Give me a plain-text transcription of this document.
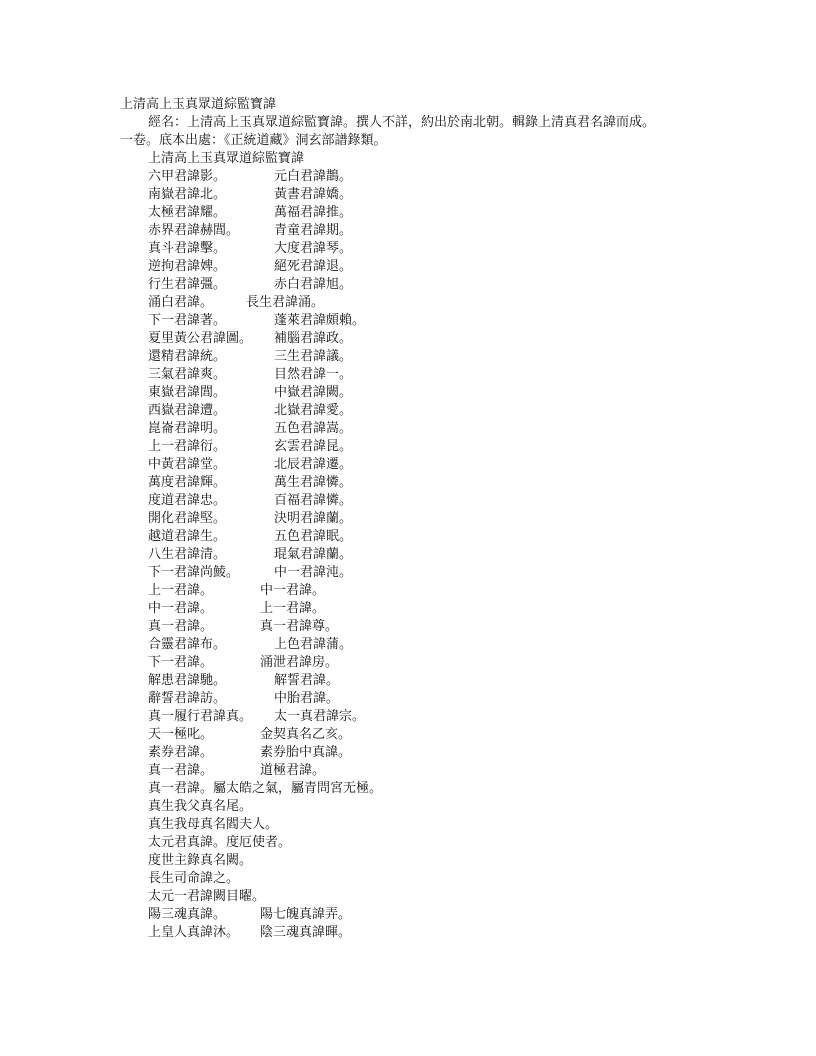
上清高上玉真眾道綜監寶諱
經名：上清高上玉真眾道綜監寶諱。撰人不詳，約出於南北朝。輯錄上清真君名諱而成。
一卷。底本出處：《正統道藏》洞玄部譜錄類。
上清高上玉真眾道綜監寶諱
六甲君諱影。	元白君諱鵲。
南嶽君諱北。	黃書君諱嬌。
太極君諱耀。	萬福君諱推。
赤界君諱赫閭。	青童君諱期。
真斗君諱擊。	大度君諱琴。
逆拘君諱婢。	絕死君諱退。
行生君諱彊。	赤白君諱旭。
涌白君諱。	長生君諱涌。
下一君諱著。	蓬萊君諱頗賴。
夏里黃公君諱圖。 補腦君諱政。
還精君諱統。	三生君諱議。
三氣君諱爽。	目然君諱一。
東嶽君諱閭。	中嶽君諱闕。
西嶽君諱遭。	北嶽君諱愛。
崑崙君諱明。	五色君諱嵩。
上一君諱衍。	玄雲君諱昆。
中黃君諱堂。	北辰君諱遷。
萬度君諱輝。	萬生君諱憐。
度道君諱忠。	百福君諱憐。
開化君諱堅。	決明君諱蘭。
越道君諱生。	五色君諱眠。
八生君諱清。	琨氣君諱蘭。
下一君諱尚鯪。	中一君諱沌。
上一君諱。	中一君諱。
中一君諱。	上一君諱。
真一君諱。	真一君諱尊。
合靈君諱布。	上色君諱蒲。
下一君諱。	涌泄君諱房。
解患君諱馳。	解誓君諱。
辭誓君諱訪。	中胎君諱。
真一履行君諱真。 太一真君諱宗。
天一極叱。	金契真名乙亥。
素券君諱。	素券胎中真諱。
真一君諱。	道極君諱。
真一君諱。屬太皓之氣，屬青問宮无極。
真生我父真名尾。
真生我母真名閻夫人。
太元君真諱。度厄使者。
度世主錄真名闕。
長生司命諱之。
太元一君諱闕目曜。
陽三魂真諱。	陽七魄真諱弄。
上皇人真諱沐。 陰三魂真諱暉。
